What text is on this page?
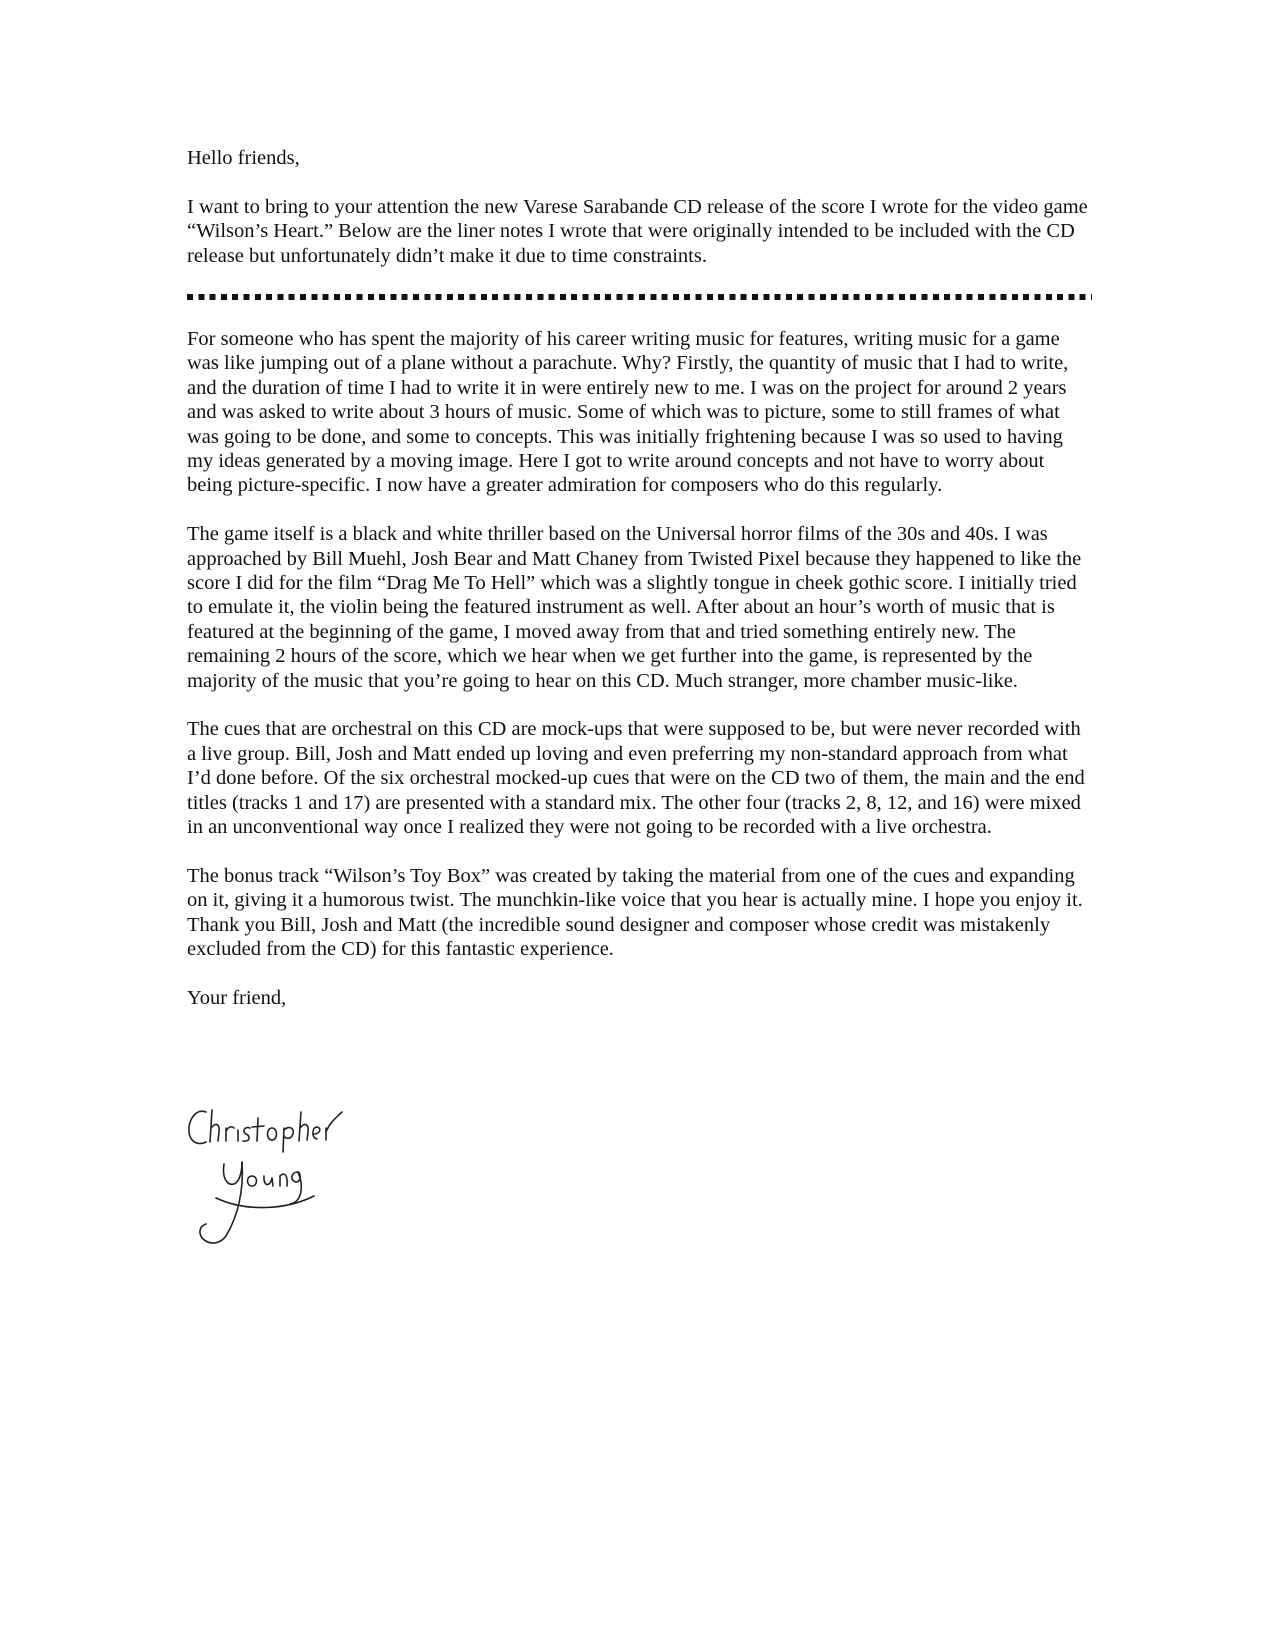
Hello friends,

I want to bring to your attention the new Varese Sarabande CD release of the score I wrote for the video game “Wilson’s Heart.” Below are the liner notes I wrote that were originally intended to be included with the CD release but unfortunately didn’t make it due to time constraints.

For someone who has spent the majority of his career writing music for features, writing music for a game was like jumping out of a plane without a parachute. Why? Firstly, the quantity of music that I had to write, and the duration of time I had to write it in were entirely new to me. I was on the project for around 2 years and was asked to write about 3 hours of music. Some of which was to picture, some to still frames of what was going to be done, and some to concepts. This was initially frightening because I was so used to having my ideas generated by a moving image. Here I got to write around concepts and not have to worry about being picture-specific. I now have a greater admiration for composers who do this regularly.

The game itself is a black and white thriller based on the Universal horror films of the 30s and 40s. I was approached by Bill Muehl, Josh Bear and Matt Chaney from Twisted Pixel because they happened to like the score I did for the film “Drag Me To Hell” which was a slightly tongue in cheek gothic score. I initially tried to emulate it, the violin being the featured instrument as well. After about an hour’s worth of music that is featured at the beginning of the game, I moved away from that and tried something entirely new. The remaining 2 hours of the score, which we hear when we get further into the game, is represented by the majority of the music that you’re going to hear on this CD. Much stranger, more chamber music-like.

The cues that are orchestral on this CD are mock-ups that were supposed to be, but were never recorded with a live group. Bill, Josh and Matt ended up loving and even preferring my non-standard approach from what I’d done before. Of the six orchestral mocked-up cues that were on the CD two of them, the main and the end titles (tracks 1 and 17) are presented with a standard mix. The other four (tracks 2, 8, 12, and 16) were mixed in an unconventional way once I realized they were not going to be recorded with a live orchestra.

The bonus track “Wilson’s Toy Box” was created by taking the material from one of the cues and expanding on it, giving it a humorous twist. The munchkin-like voice that you hear is actually mine. I hope you enjoy it. Thank you Bill, Josh and Matt (the incredible sound designer and composer whose credit was mistakenly excluded from the CD) for this fantastic experience.

Your friend,
